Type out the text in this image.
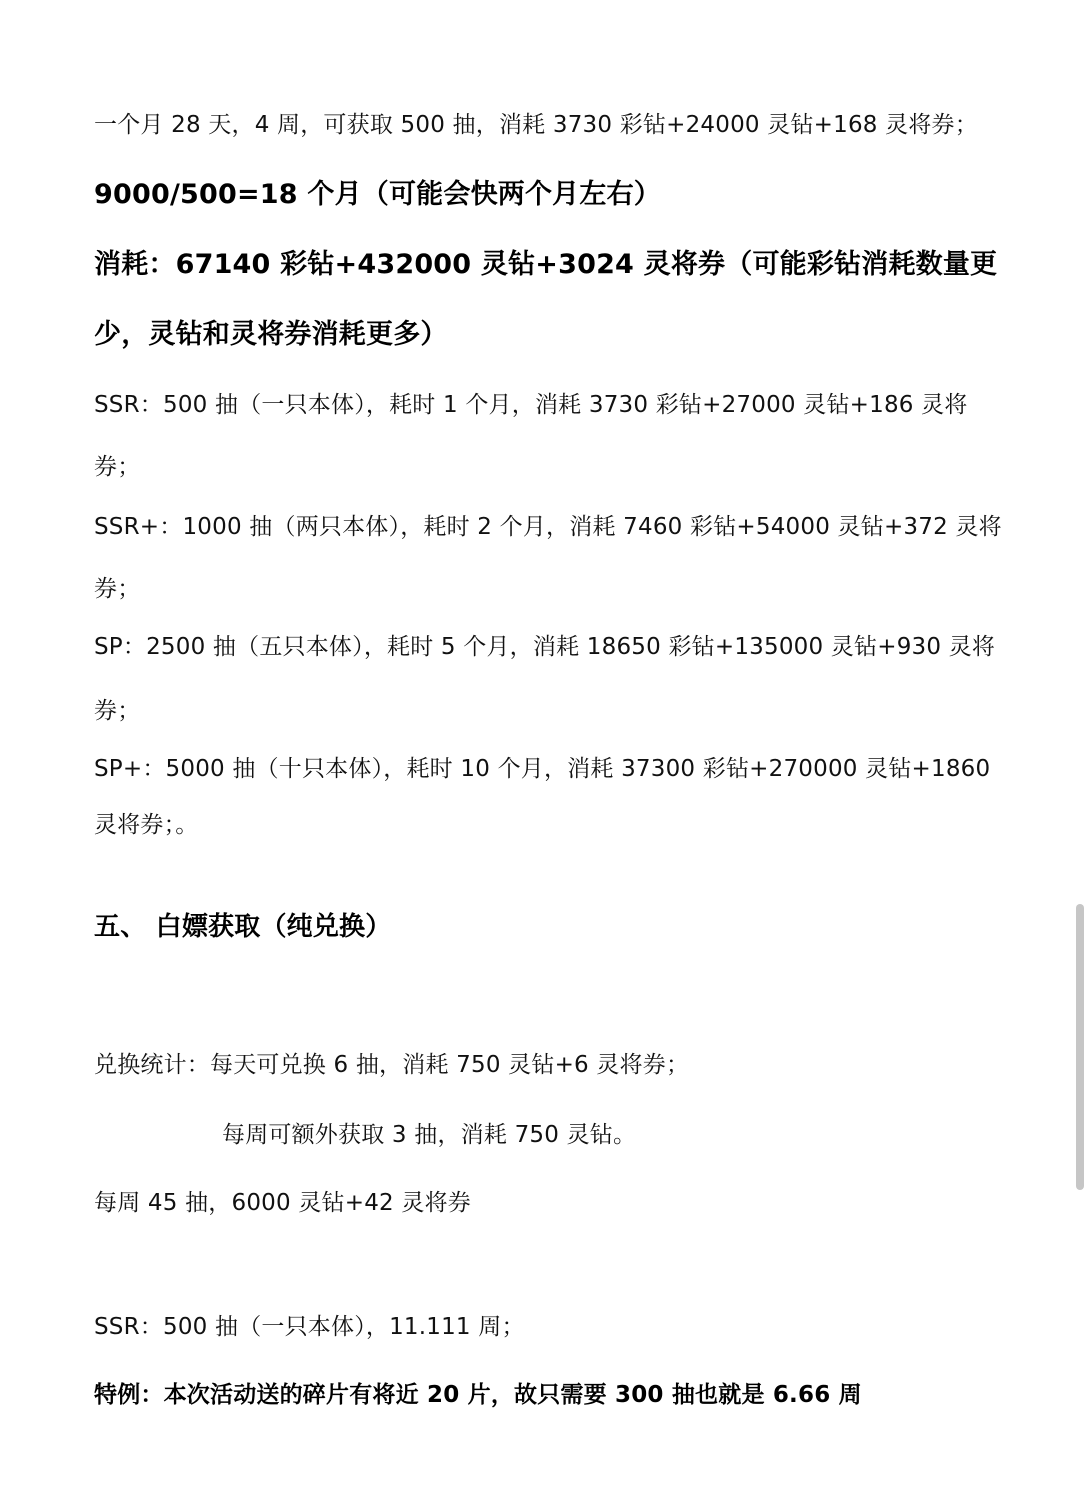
一个月 28 天，4 周，可获取 500 抽，消耗 3730 彩钻+24000 灵钻+168 灵将券；
9000/500=18 个月（可能会快两个月左右）
消耗：67140 彩钻+432000 灵钻+3024 灵将券（可能彩钻消耗数量更
少，灵钻和灵将券消耗更多）
SSR：500 抽（一只本体），耗时 1 个月，消耗 3730 彩钻+27000 灵钻+186 灵将
券；
SSR+：1000 抽（两只本体），耗时 2 个月，消耗 7460 彩钻+54000 灵钻+372 灵将
券；
SP：2500 抽（五只本体），耗时 5 个月，消耗 18650 彩钻+135000 灵钻+930 灵将
券；
SP+：5000 抽（十只本体），耗时 10 个月，消耗 37300 彩钻+270000 灵钻+1860
灵将券；。
五、 白嫖获取（纯兑换）
兑换统计：每天可兑换 6 抽，消耗 750 灵钻+6 灵将券；
每周可额外获取 3 抽，消耗 750 灵钻。
每周 45 抽，6000 灵钻+42 灵将券
SSR：500 抽（一只本体），11.111 周；
特例：本次活动送的碎片有将近 20 片，故只需要 300 抽也就是 6.66 周
